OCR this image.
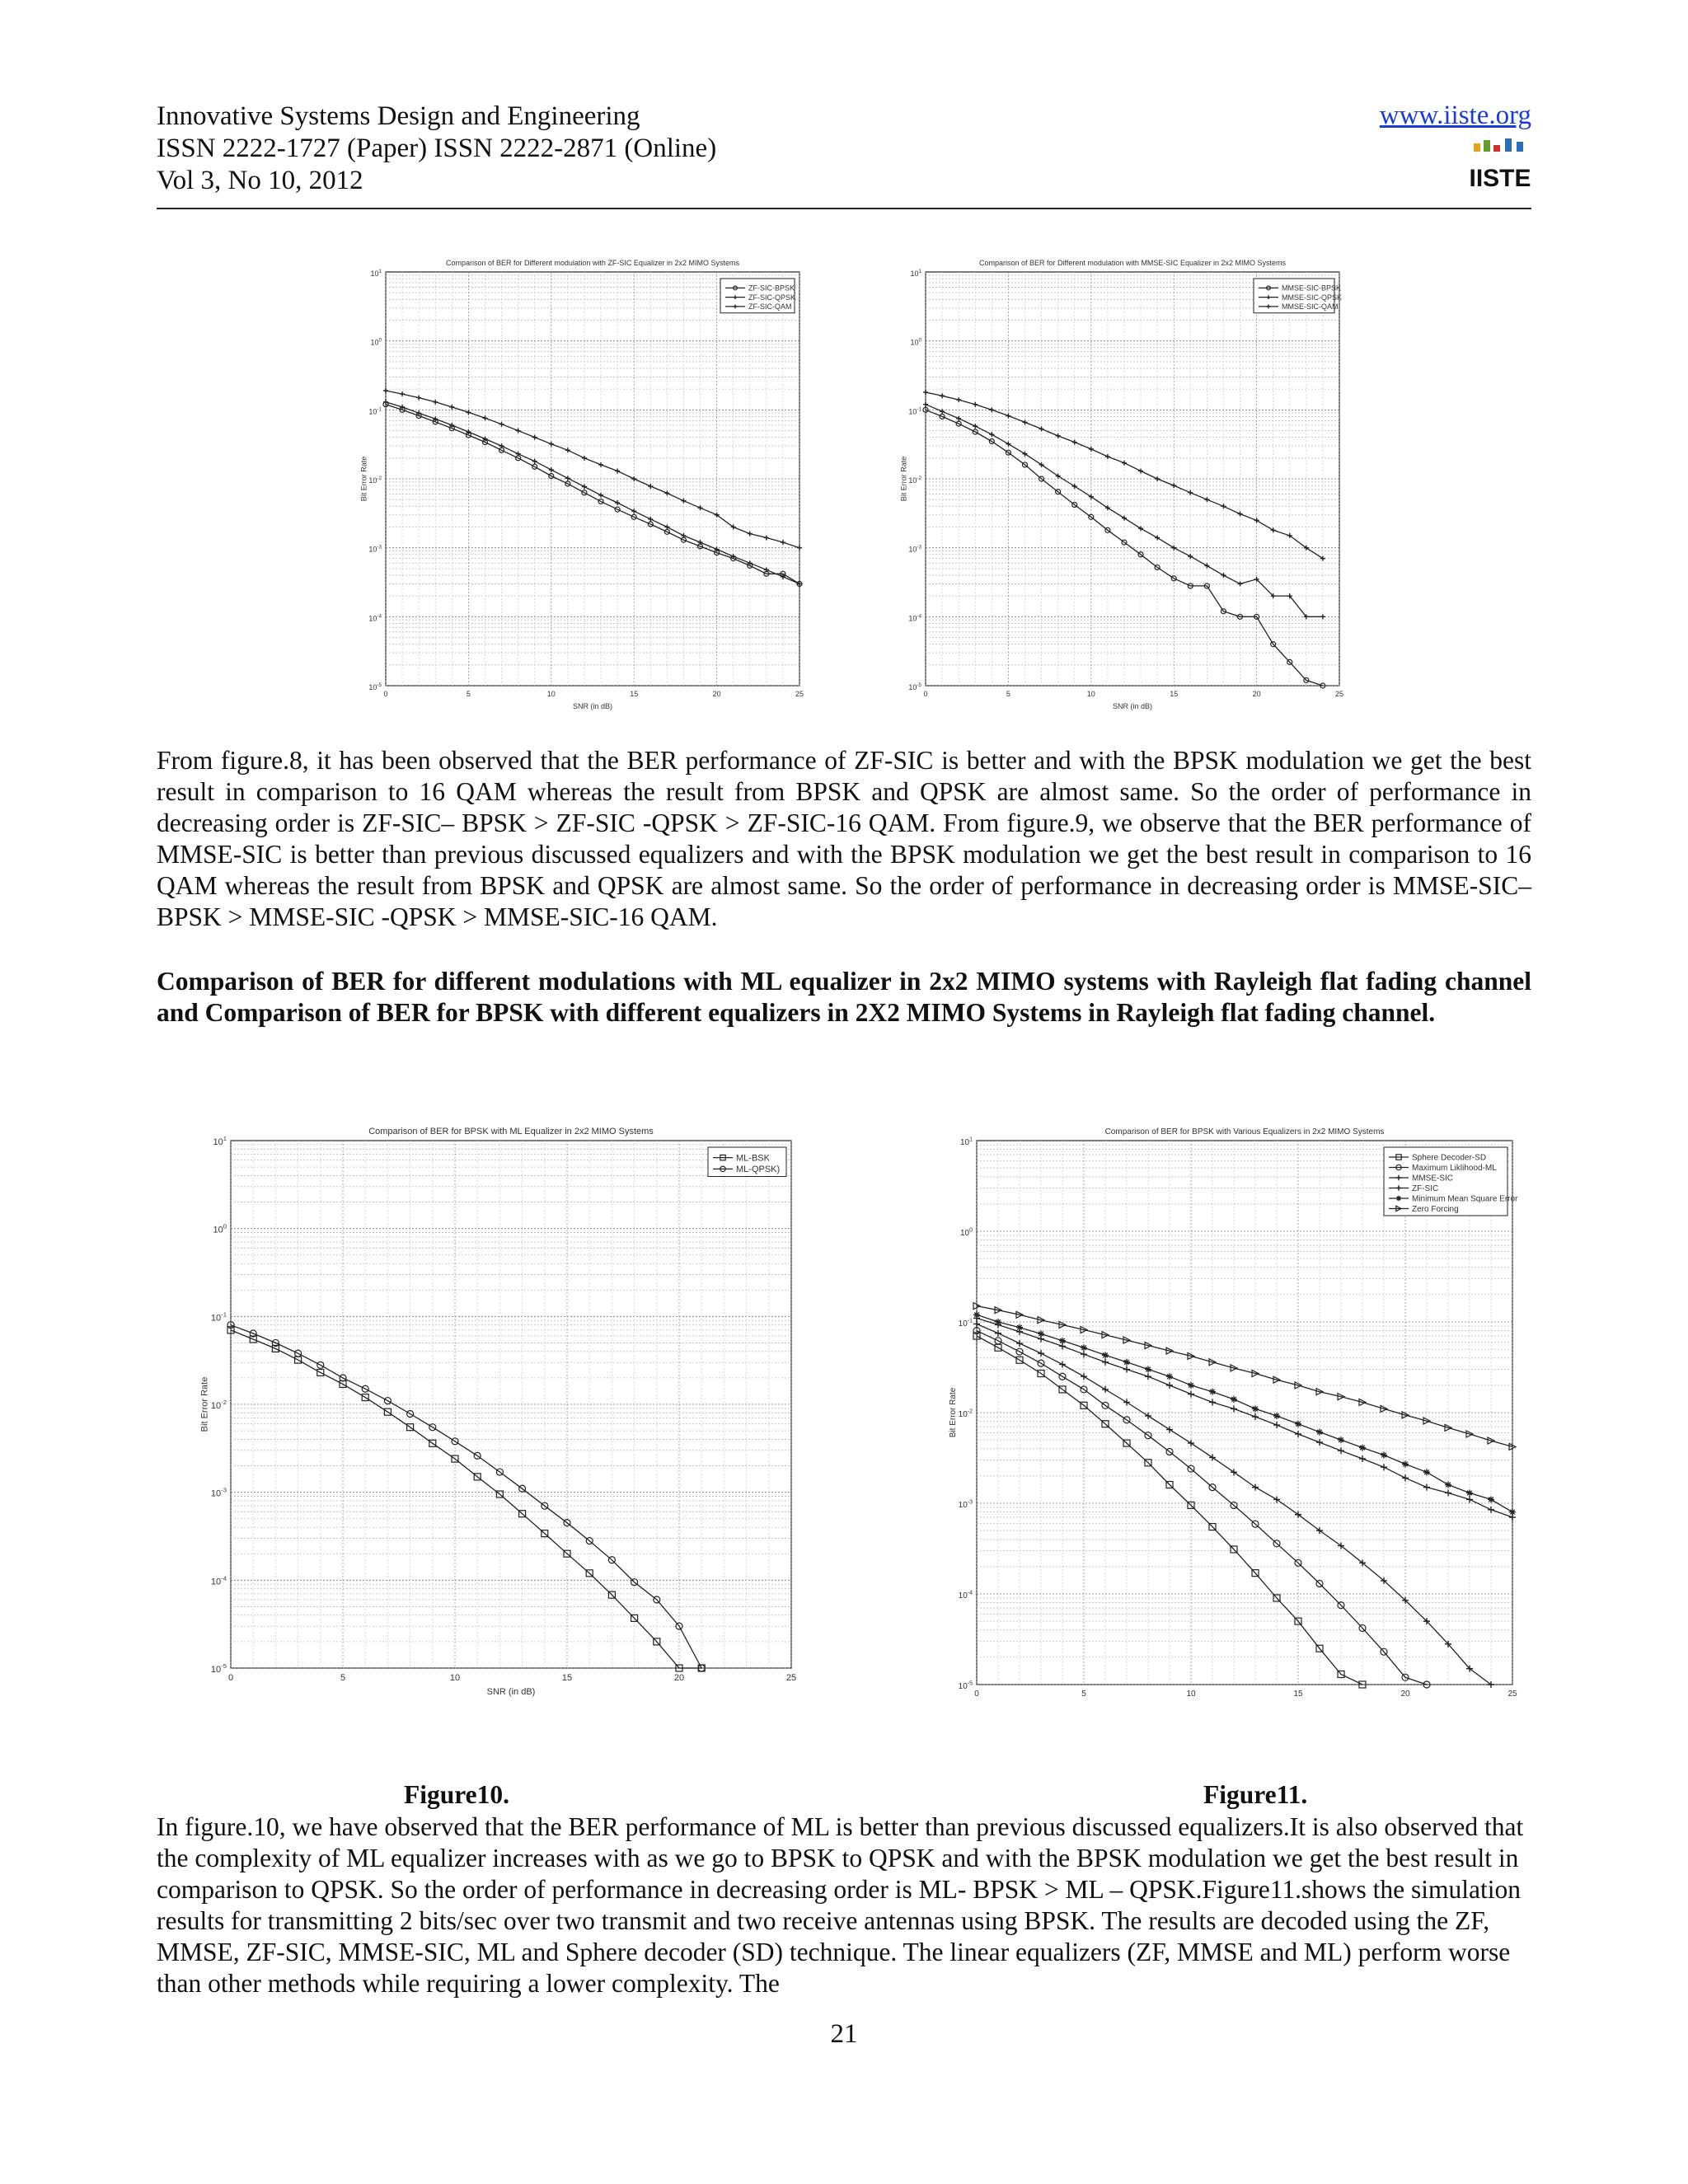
Innovative Systems Design and Engineering
ISSN 2222-1727 (Paper) ISSN 2222-2871 (Online)
Vol 3, No 10, 2012
www.iiste.org
IISTE
$10^1$
$10^0$
$10^{-1}$
$10^{-2}$
$10^{-3}$
$10^{-4}$
$10^{-5}$
0	5	10	15	20	25
Comparison of BER for Different modulation with ZF-SIC Equalizer in 2x2 MIMO Systems
SNR (in dB)
Bit Error Rate
ZF-SIC-BPSK
ZF-SIC-QPSK
ZF-SIC-QAM
$10^1$
$10^0$
$10^{-1}$
$10^{-2}$
$10^{-3}$
$10^{-4}$
$10^{-5}$
0	5	10	15	20	25
Comparison of BER for Different modulation with MMSE-SIC Equalizer in 2x2 MIMO Systems
SNR (in dB)
Bit Error Rate
MMSE-SIC-BPSK
MMSE-SIC-QPSK
MMSE-SIC-QAM
From figure.8, it has been observed that the BER performance of ZF-SIC is better and with the BPSK modulation we get the best result in comparison to 16 QAM whereas the result from BPSK and QPSK are almost same. So the order of performance in decreasing order is ZF-SIC– BPSK > ZF-SIC -QPSK > ZF-SIC-16 QAM. From figure.9, we observe that the BER performance of MMSE-SIC is better than previous discussed equalizers and with the BPSK modulation we get the best result in comparison to 16 QAM whereas the result from BPSK and QPSK are almost same. So the order of performance in decreasing order is MMSE-SIC– BPSK > MMSE-SIC -QPSK > MMSE-SIC-16 QAM.
Comparison of BER for different modulations with ML equalizer in 2x2 MIMO systems with Rayleigh flat fading channel and Comparison of BER for BPSK with different equalizers in 2X2 MIMO Systems in Rayleigh flat fading channel.
$10^1$
$10^0$
$10^{-1}$
$10^{-2}$
$10^{-3}$
$10^{-4}$
$10^{-5}$
0	5	10	15	20	25
Comparison of BER for BPSK with ML Equalizer in 2x2 MIMO Systems
SNR (in dB)
Bit Error Rate
ML-BSK
ML-QPSK)
$10^1$
$10^0$
$10^{-1}$
$10^{-2}$
$10^{-3}$
$10^{-4}$
$10^{-5}$
0	5	10	15	20	25
Comparison of BER for BPSK with Various Equalizers in 2x2 MIMO Systems
Bit Error Rate
Sphere Decoder-SD
Maximum Liklihood-ML
MMSE-SIC
ZF-SIC
Minimum Mean Square Error
Zero Forcing
Figure10.	Figure11.
In figure.10, we have observed that the BER performance of ML is better than previous discussed equalizers.It is also observed that the complexity of ML equalizer increases with as we go to BPSK to QPSK and with the BPSK modulation we get the best result in comparison to QPSK. So the order of performance in decreasing order is ML- BPSK > ML – QPSK.Figure11.shows the simulation results for transmitting 2 bits/sec over two transmit and two receive antennas using BPSK. The results are decoded using the ZF, MMSE, ZF-SIC, MMSE-SIC, ML and Sphere decoder (SD) technique. The linear equalizers (ZF, MMSE and ML) perform worse than other methods while requiring a lower complexity. The
21
